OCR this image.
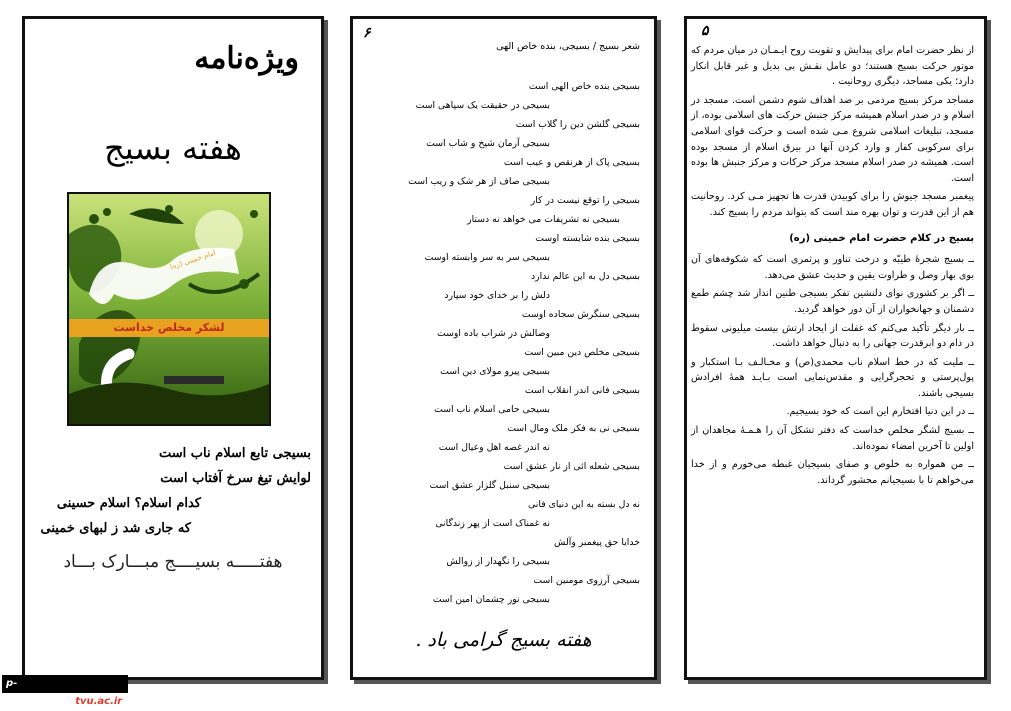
ویژه‌نامه
هفته بسیج
لشکر مخلص خداست
امام خمینی (ره)
بسیجی تابع اسلام ناب است
لوایش تیغ سرخ آفتاب است
کدام اسلام؟ اسلام حسینی
که جاری شد ز لبهای خمینی
هفتـــــه بسیــــج مبـــارک بـــاد
۶
شعر بسیج / بسیجی، بنده خاص الهی
بسیجی بنده خاص الهی است
بسیجی در حقیقت یک سپاهی است
بسیجی گلشن دین را گلاب است
بسیجی آرمان شیخ و شاب است
بسیجی پاک از هرنقص و عیب است
بسیجی صاف از هر شک و ریب است
بسیجی را توقع نیست در کار
بسیجی نه تشریفات می خواهد نه دستار
بسیجی بنده شایسته اوست
بسیجی سر به سر وابسته اوست
بسیجی دل به این عالم ندارد
دلش را بر خدای خود سپارد
بسیجی سنگرش سجاده اوست
وصالش در شراب باده اوست
بسیجی مخلص دین مبین است
بسیجی پیرو مولای دین است
بسیجی فانی اندر انقلاب است
بسیجی حامی اسلام ناب است
بسیجی نی به فکر ملک ومال است
نه اندر غصه اهل وعیال است
بسیجی شعله ائی از نار عشق است
بسیجی سنبل گلزار عشق است
نه دل بسته به این دنیای فانی
نه غمناک است از پهر زندگانی
خدایا حق پیغمبر وآلش
بسیجی را نگهدار از زوالش
بسیجی آرزوی مومنین است
بسیجی نور چشمان امین است
هفته بسیج گرامی باد .
۵

از نظر حضرت امام برای پیدایش و تقویت روح ایـمـان در میان مردم که موتور حرکت بسیج هستند؛ دو عامل نقـش بی بدیل و غیر قابل انکار دارد؛ یکی مساجد، دیگری روحانیت .

مساجد مرکز بسیج مردمی بر ضد اهداف شوم دشمن است. مسجد در اسلام و در صدر اسلام همیشه مرکز جنبش حرکت های اسلامی بوده، از مسجد، تبلیغات اسلامی شروع مـی شده است و حرکت قوای اسلامی برای سرکوبی کفار و وارد کردن آنها در بیرق اسلام از مسجد بوده است. همیشه در صدر اسلام مسجد مرکز حرکات و مرکز جنبش ها بوده است.

پیغمبر مسجد جیوش را برای کوبیدن قدرت ها تجهیز مـی کرد. روحانیت هم از این قدرت و توان بهره مند است که بتواند مردم را بسیج کند.

بسیج در کلام حضرت امام خمینی (ره)

ــ بسیج شجرۀ طیبّه و درخت تناور و پرثمری است که شکوفه‌های آن بوی بهار وصل و طراوت یقین و حدیث عشق می‌دهد.

ــ اگر بر کشوری نوای دلنشین تفکر بسیجی طنین انداز شد چشم طمع دشمنان و جهانخواران از آن دور خواهد گردید.

ــ بار دیگر تأکید می‌کنم که غفلت از ایجاد ارتش بیست میلیونی سقوط در دام دو ابرقدرت جهانی را به دنبال خواهد داشت.

ــ ملیت که در خط اسلام ناب محمدی(ص) و مخـالـف بـا استکبار و پول‌پرستی و تحجرگرایی و مقدس‌نمایی است بـایـد همۀ افرادش بسیجی باشند.

ــ در این دنیا افتخارم این است که خود بسیجیم.

ــ بسیج لشگر مخلص خداست که دفتر تشکل آن را هـمـۀ مجاهدان از اولین تا آخرین امضاء نموده‌اند.

ــ من همواره به خلوص و صفای بسیجیان غبطه می‌خورم و از خدا می‌خواهم تا با بسیجیانم محشور گرداند.

p-golpayegan.tvu.ac.ir
